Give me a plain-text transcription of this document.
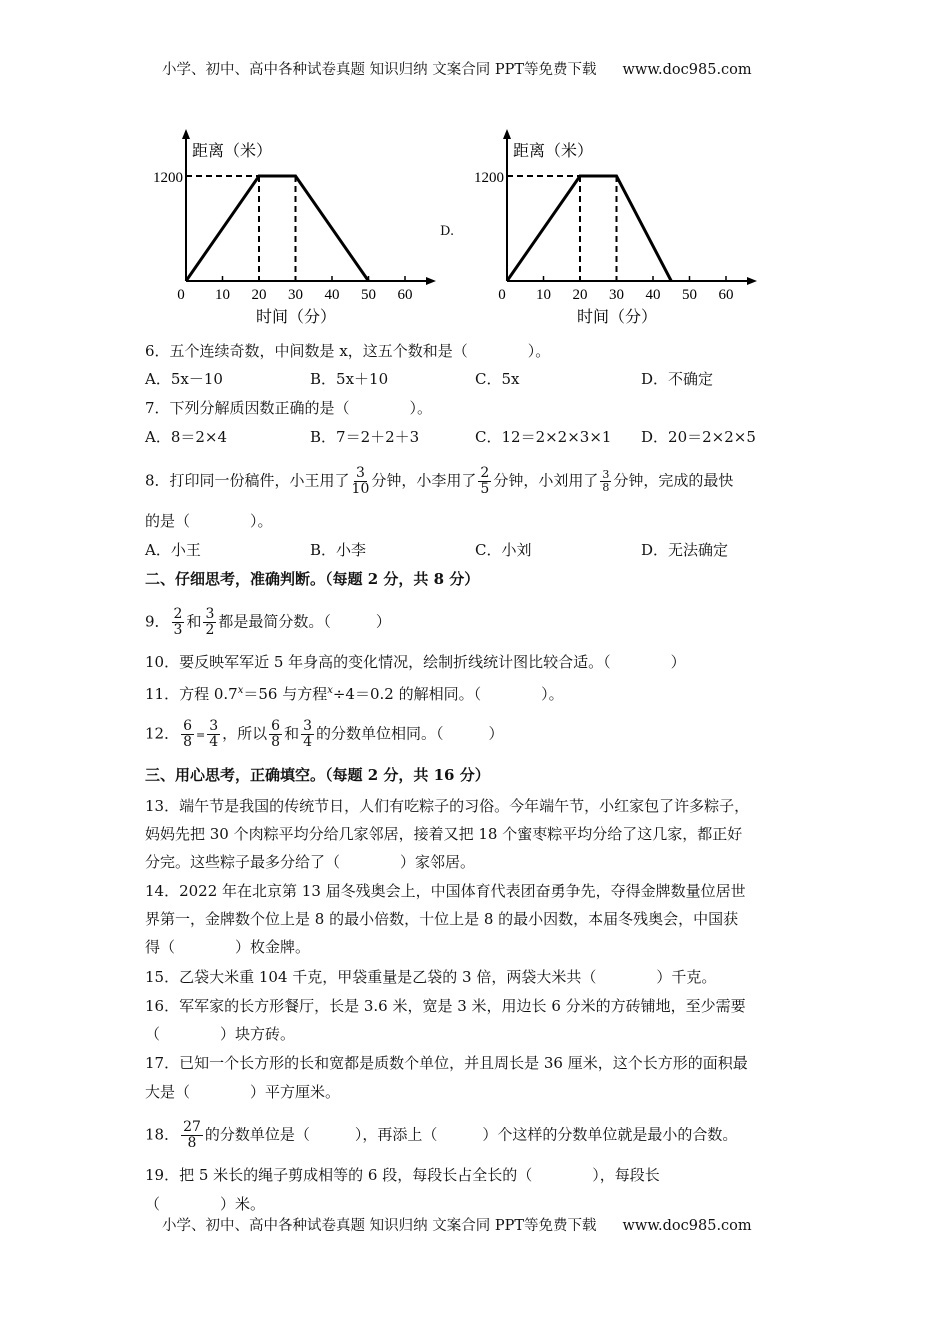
小学、初中、高中各种试卷真题 知识归纳 文案合同 PPT等免费下载 www.doc985.com
距离（米）
时间（分）
1200
0 10 20 30 40 50 60
D.
距离（米）
时间（分）
1200
0 10 20 30 40 50 60
6．五个连续奇数，中间数是 x，这五个数和是（　　　　）。
A．5x－10	B．5x＋10	C．5x	D．不确定
7．下列分解质因数正确的是（　　　　）。
A．8＝2×4	B．7＝2＋2＋3	C．12＝2×2×3×1 D．20＝2×2×5
8．打印同一份稿件，小王用了 $\frac{3}{10}$ 分钟，小李用了 $\frac{2}{5}$ 分钟，小刘用了 $\frac{3}{8}$ 分钟，完成的最快
的是（　　　　）。
A．小王	B．小李	C．小刘	D．无法确定
二、仔细思考，准确判断。（每题 2 分，共 8 分）
9． $\frac{2}{3}$ 和 $\frac{3}{2}$ 都是最简分数。（　　　）
10．要反映军军近 5 年身高的变化情况，绘制折线统计图比较合适。（　　　　）
11．方程 $0.7^x=56$ 与方程$^x$÷4＝0.2 的解相同。（　　　　）。
12． $\frac{6}{8} = \frac{3}{4}$ ，所以 $\frac{6}{8}$ 和 $\frac{3}{4}$ 的分数单位相同。（　　　）
三、用心思考，正确填空。（每题 2 分，共 16 分）
13．端午节是我国的传统节日，人们有吃粽子的习俗。今年端午节，小红家包了许多粽子，
妈妈先把 30 个肉粽平均分给几家邻居，接着又把 18 个蜜枣粽平均分给了这几家，都正好
分完。这些粽子最多分给了（　　　　）家邻居。
14．2022 年在北京第 13 届冬残奥会上，中国体育代表团奋勇争先，夺得金牌数量位居世
界第一，金牌数个位上是 8 的最小倍数，十位上是 8 的最小因数，本届冬残奥会，中国获
得（　　　　）枚金牌。
15．乙袋大米重 104 千克，甲袋重量是乙袋的 3 倍，两袋大米共（　　　　）千克。
16．军军家的长方形餐厅，长是 3.6 米，宽是 3 米，用边长 6 分米的方砖铺地，至少需要
（　　　　）块方砖。
17．已知一个长方形的长和宽都是质数个单位，并且周长是 36 厘米，这个长方形的面积最
大是（　　　　）平方厘米。
18． $\frac{27}{8}$ 的分数单位是（　　　），再添上（　　　）个这样的分数单位就是最小的合数。
19．把 5 米长的绳子剪成相等的 6 段，每段长占全长的（　　　　），每段长
（　　　　）米。
小学、初中、高中各种试卷真题 知识归纳 文案合同 PPT等免费下载 www.doc985.com
